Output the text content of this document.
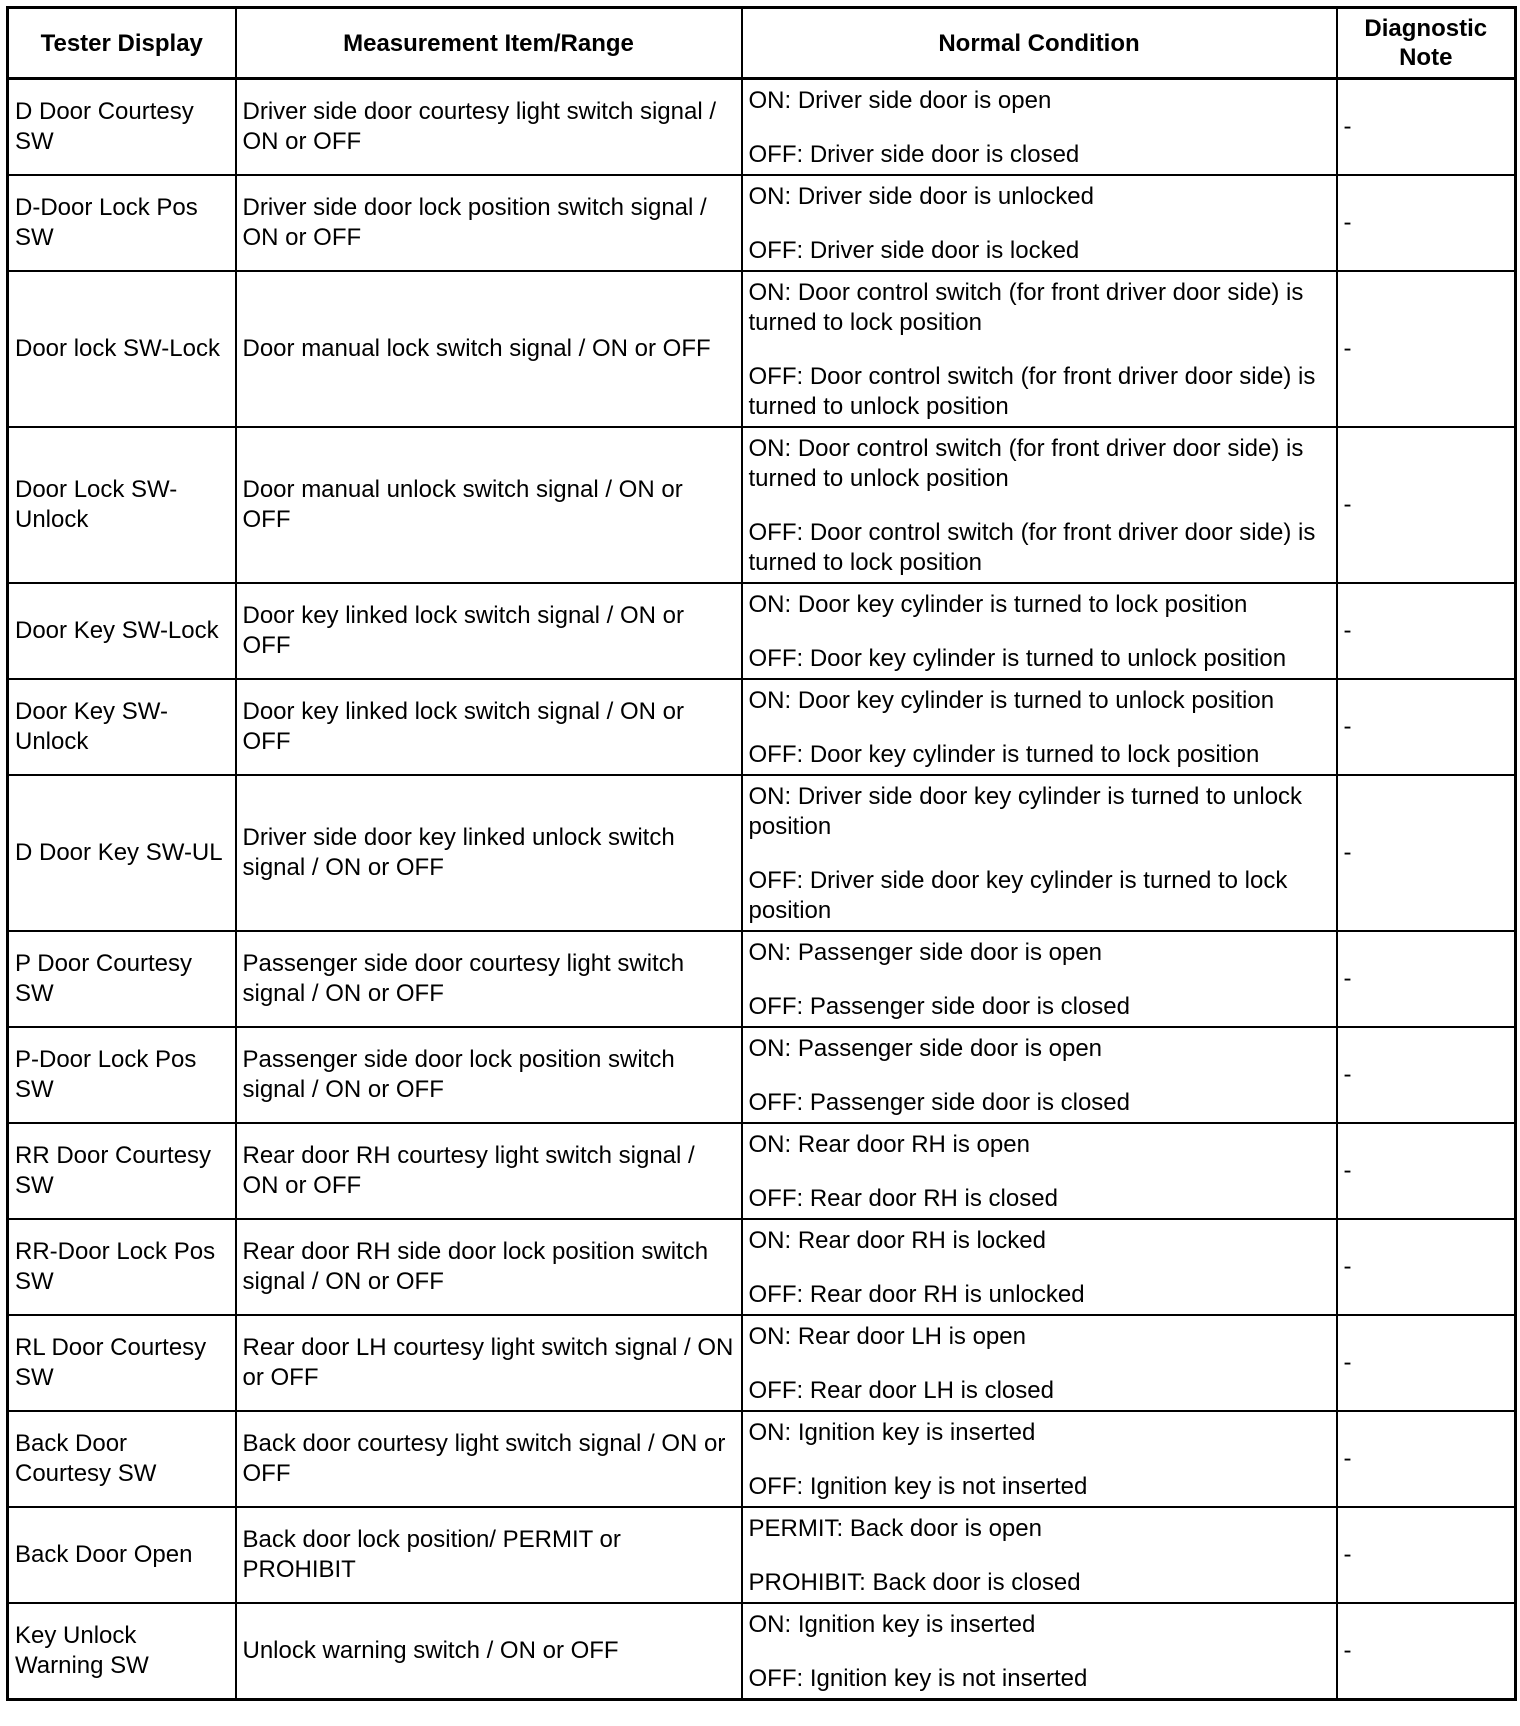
Tester Display	Measurement Item/Range	Normal Condition	Diagnostic Note
D Door Courtesy SW	Driver side door courtesy light switch signal / ON or OFF	ON: Driver side door is open
OFF: Driver side door is closed	-
D-Door Lock Pos SW	Driver side door lock position switch signal / ON or OFF	ON: Driver side door is unlocked
OFF: Driver side door is locked	-
Door lock SW-Lock	Door manual lock switch signal / ON or OFF	ON: Door control switch (for front driver door side) is turned to lock position
OFF: Door control switch (for front driver door side) is turned to unlock position	-
Door Lock SW-Unlock	Door manual unlock switch signal / ON or OFF	ON: Door control switch (for front driver door side) is turned to unlock position
OFF: Door control switch (for front driver door side) is turned to lock position	-
Door Key SW-Lock	Door key linked lock switch signal / ON or OFF	ON: Door key cylinder is turned to lock position
OFF: Door key cylinder is turned to unlock position	-
Door Key SW-Unlock	Door key linked lock switch signal / ON or OFF	ON: Door key cylinder is turned to unlock position
OFF: Door key cylinder is turned to lock position	-
D Door Key SW-UL	Driver side door key linked unlock switch signal / ON or OFF	ON: Driver side door key cylinder is turned to unlock position
OFF: Driver side door key cylinder is turned to lock position	-
P Door Courtesy SW	Passenger side door courtesy light switch signal / ON or OFF	ON: Passenger side door is open
OFF: Passenger side door is closed	-
P-Door Lock Pos SW	Passenger side door lock position switch signal / ON or OFF	ON: Passenger side door is open
OFF: Passenger side door is closed	-
RR Door Courtesy SW	Rear door RH courtesy light switch signal / ON or OFF	ON: Rear door RH is open
OFF: Rear door RH is closed	-
RR-Door Lock Pos SW	Rear door RH side door lock position switch signal / ON or OFF	ON: Rear door RH is locked
OFF: Rear door RH is unlocked	-
RL Door Courtesy SW	Rear door LH courtesy light switch signal / ON or OFF	ON: Rear door LH is open
OFF: Rear door LH is closed	-
Back Door Courtesy SW	Back door courtesy light switch signal / ON or OFF	ON: Ignition key is inserted
OFF: Ignition key is not inserted	-
Back Door Open	Back door lock position/ PERMIT or PROHIBIT	PERMIT: Back door is open
PROHIBIT: Back door is closed	-
Key Unlock Warning SW	Unlock warning switch / ON or OFF	ON: Ignition key is inserted
OFF: Ignition key is not inserted	-
